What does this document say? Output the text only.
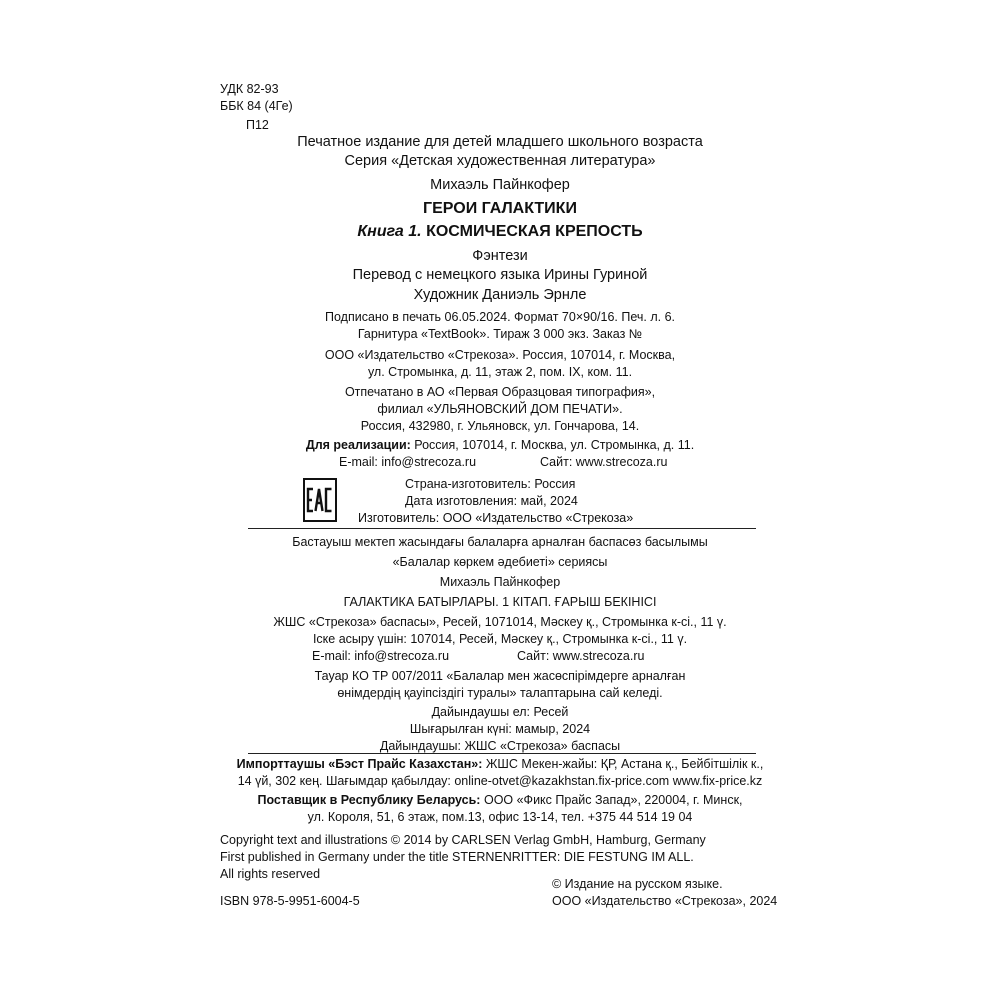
УДК 82-93
ББК 84 (4Ге)
П12
Печатное издание для детей младшего школьного возраста
Серия «Детская художественная литература»
Михаэль Пайнкофер
ГЕРОИ ГАЛАКТИКИ
Книга 1. КОСМИЧЕСКАЯ КРЕПОСТЬ
Фэнтези
Перевод с немецкого языка Ирины Гуриной
Художник Даниэль Эрнле
Подписано в печать 06.05.2024. Формат 70×90/16. Печ. л. 6.
Гарнитура «TextBook». Тираж 3 000 экз. Заказ №
ООО «Издательство «Стрекоза». Россия, 107014, г. Москва,
ул. Стромынка, д. 11, этаж 2, пом. IX, ком. 11.
Отпечатано в АО «Первая Образцовая типография»,
филиал «УЛЬЯНОВСКИЙ ДОМ ПЕЧАТИ».
Россия, 432980, г. Ульяновск, ул. Гончарова, 14.
Для реализации: Россия, 107014, г. Москва, ул. Стромынка, д. 11.
E-mail: info@strecoza.ru	Сайт: www.strecoza.ru
Страна-изготовитель: Россия
Дата изготовления: май, 2024
Изготовитель: ООО «Издательство «Стрекоза»
Бастауыш мектеп жасындағы балаларға арналған баспасөз басылымы
«Балалар көркем әдебиеті» сериясы
Михаэль Пайнкофер
ГАЛАКТИКА БАТЫРЛАРЫ. 1 КІТАП. ҒАРЫШ БЕКІНІСІ
ЖШС «Стрекоза» баспасы», Ресей, 1071014, Мәскеу қ., Стромынка к-сі., 11 ү.
Іске асыру үшін: 107014, Ресей, Мәскеу қ., Стромынка к-сі., 11 ү.
E-mail: info@strecoza.ru	Сайт: www.strecoza.ru
Тауар КО ТР 007/2011 «Балалар мен жасөспірімдерге арналған
өнімдердің қауіпсіздігі туралы» талаптарына сай келеді.
Дайындаушы ел: Ресей
Шығарылған күні: мамыр, 2024
Дайындаушы: ЖШС «Стрекоза» баспасы
Импорттаушы «Бэст Прайс Казахстан»: ЖШС Мекен-жайы: ҚР, Астана қ., Бейбітшілік к.,
14 үй, 302 кең. Шағымдар қабылдау: online-otvet@kazakhstan.fix-price.com www.fix-price.kz
Поставщик в Республику Беларусь: ООО «Фикс Прайс Запад», 220004, г. Минск,
ул. Короля, 51, 6 этаж, пом.13, офис 13-14, тел. +375 44 514 19 04
Copyright text and illustrations © 2014 by CARLSEN Verlag GmbH, Hamburg, Germany
First published in Germany under the title STERNENRITTER: DIE FESTUNG IM ALL.
All rights reserved
© Издание на русском языке.
ISBN 978-5-9951-6004-5	ООО «Издательство «Стрекоза», 2024
